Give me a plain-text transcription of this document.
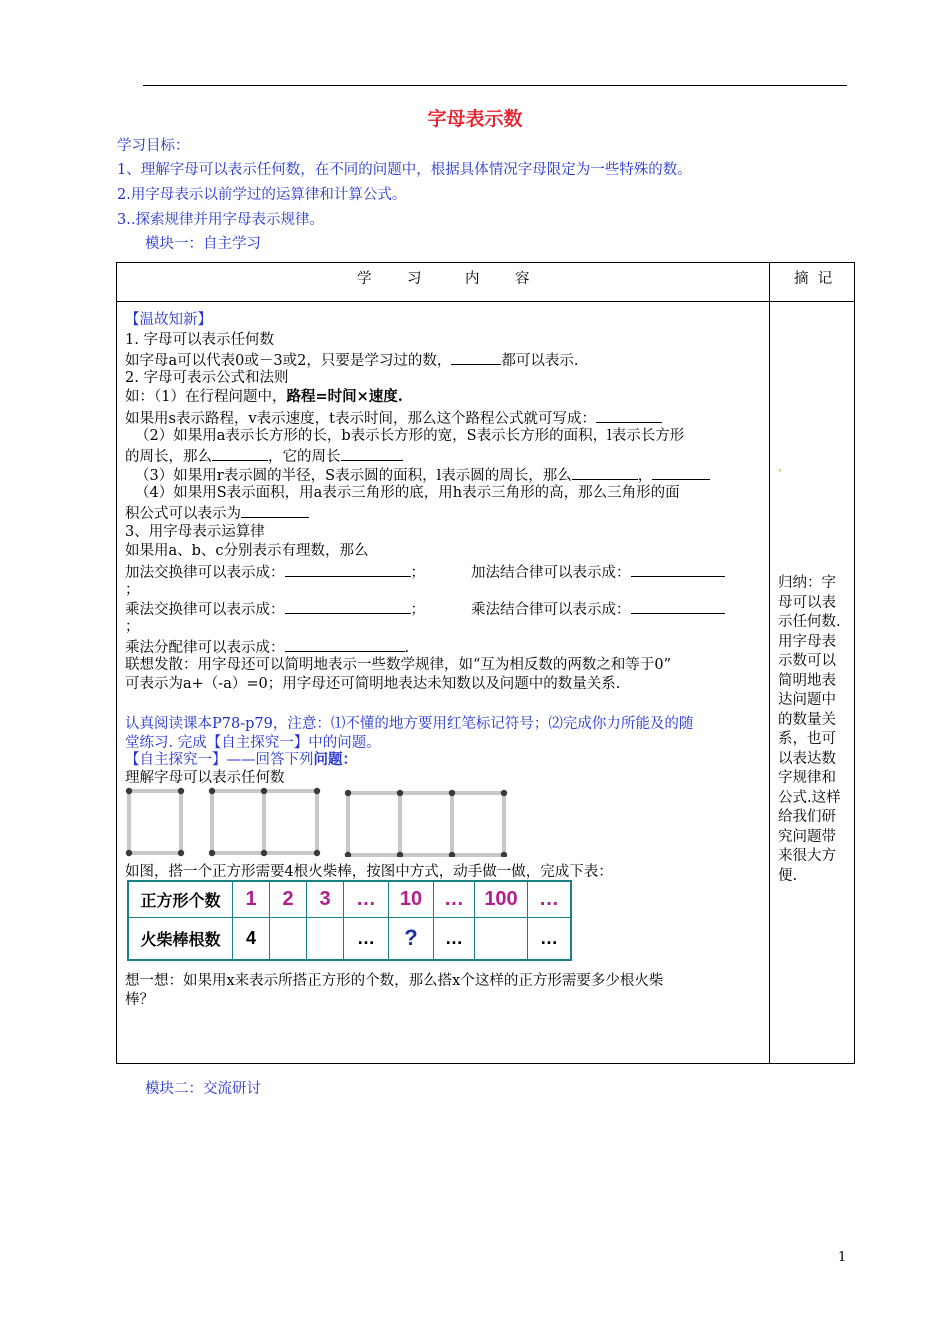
字母表示数
学习目标：
1、理解字母可以表示任何数，在不同的问题中，根据具体情况字母限定为一些特殊的数。
2.用字母表示以前学过的运算律和计算公式。
3..探索规律并用字母表示规律。
模块一：自主学习
学 习	内 容	摘  记
【温故知新】
1. 字母可以表示任何数
如字母a可以代表0或－3或2，只要是学习过的数，	都可以表示.
2. 字母可表示公式和法则
如：（1）在行程问题中，路程=时间×速度.
如果用s表示路程，v表示速度，t表示时间，那么这个路程公式就可写成：
（2）如果用a表示长方形的长，b表示长方形的宽，S表示长方形的面积，l表示长方形
的周长，那么	，它的周长
（3）如果用r表示圆的半径，S表示圆的面积，l表示圆的周长，那么	，
（4）如果用S表示面积，用a表示三角形的底，用h表示三角形的高，那么三角形的面
积公式可以表示为
3、用字母表示运算律
如果用a、b、c分别表示有理数，那么
加法交换律可以表示成：	；	加法结合律可以表示成：
；
乘法交换律可以表示成：	；	乘法结合律可以表示成：
；
乘法分配律可以表示成：	.
联想发散：用字母还可以简明地表示一些数学规律，如“互为相反数的两数之和等于0”
可表示为a+（-a）=0；用字母还可简明地表达未知数以及问题中的数量关系.
认真阅读课本P78-p79，注意：⑴不懂的地方要用红笔标记符号；⑵完成你力所能及的随
堂练习. 完成【自主探究一】中的问题。
【自主探究一】——回答下列问题：
理解字母可以表示任何数
如图，搭一个正方形需要4根火柴棒，按图中方式，动手做一做，完成下表：
正方形个数	1	2	3	…	10	…	100	…
火柴棒根数	4			…	?	…		…
想一想：如果用x来表示所搭正方形的个数，那么搭x个这样的正方形需要多少根火柴
棒？
。
归纳：字母可以表示任何数.用字母表示数可以简明地表达问题中的数量关系，也可以表达数字规律和公式.这样给我们研究问题带来很大方便.
模块二：交流研讨
1
